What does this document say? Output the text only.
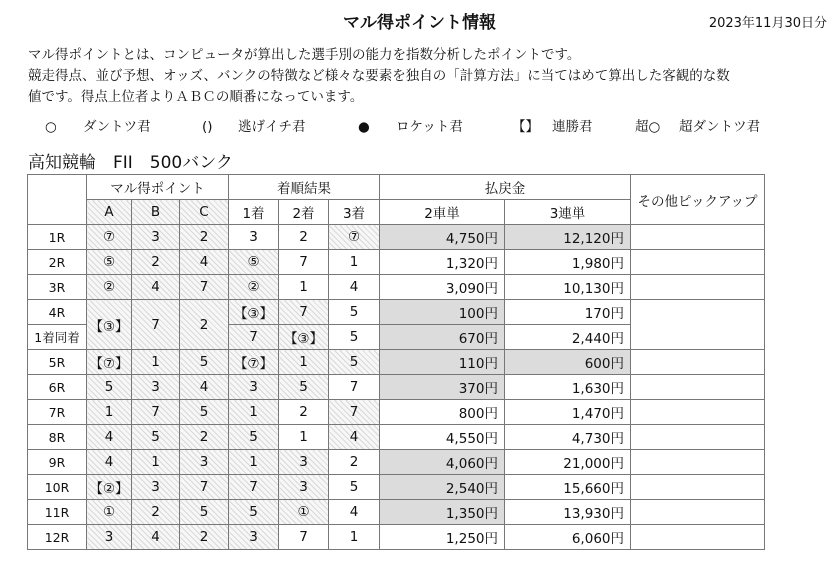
マル得ポイント情報	2023年11月30日分
マル得ポイントとは、コンピュータが算出した選手別の能力を指数分析したポイントです。
競走得点、並び予想、オッズ、バンクの特徴など様々な要素を独自の「計算方法」に当てはめて算出した客観的な数
値です。得点上位者よりＡＢＣの順番になっています。
○ ダントツ君	() 逃げイチ君	● ロケット君	【】 連勝君	超○ 超ダントツ君
高知競輪　FII　500バンク
	マル得ポイント			着順結果			払戻金		その他ピックアップ
	A	B	C	1着	2着	3着	2車単	3連単	
1R	⑦	3	2	3	2	⑦	4,750円	12,120円	
2R	⑤	2	4	⑤	7	1	1,320円	1,980円	
3R	②	4	7	②	1	4	3,090円	10,130円	
4R	【③】	7	2	【③】	7	5	100円	170円	
1着同着				7	【③】	5	670円	2,440円	
5R	【⑦】	1	5	【⑦】	1	5	110円	600円	
6R	5	3	4	3	5	7	370円	1,630円	
7R	1	7	5	1	2	7	800円	1,470円	
8R	4	5	2	5	1	4	4,550円	4,730円	
9R	4	1	3	1	3	2	4,060円	21,000円	
10R	【②】	3	7	7	3	5	2,540円	15,660円	
11R	①	2	5	5	①	4	1,350円	13,930円	
12R	3	4	2	3	7	1	1,250円	6,060円	
